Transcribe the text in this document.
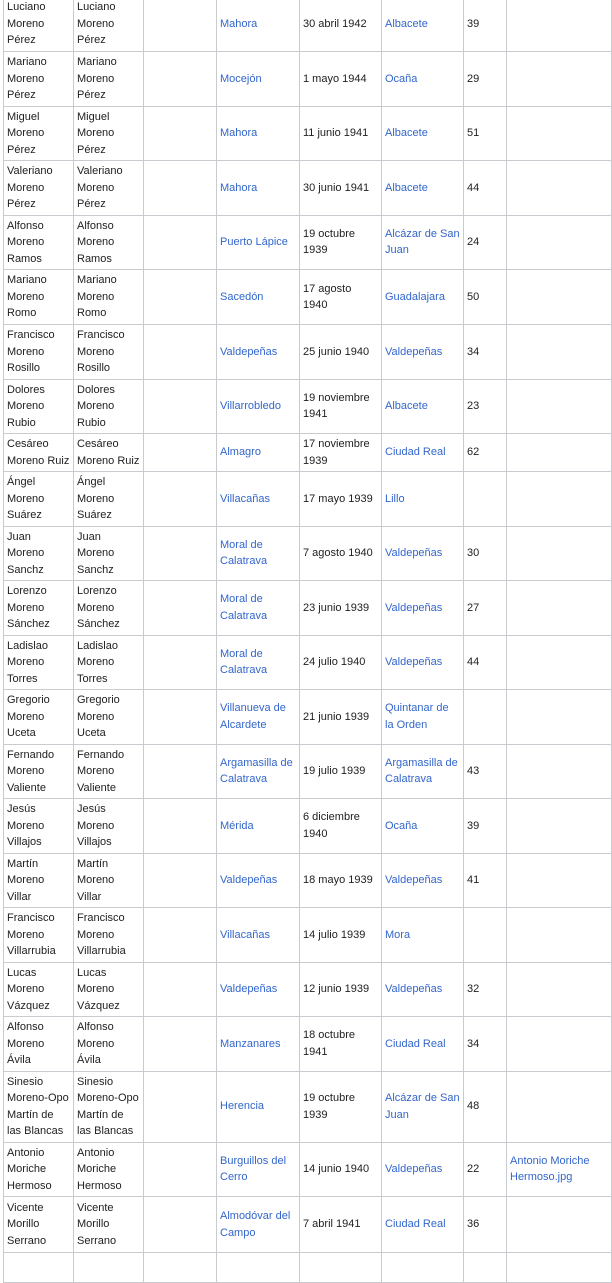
Luciano Moreno Pérez	Luciano Moreno Pérez		Mahora	30 abril 1942	Albacete	39	
Mariano Moreno Pérez	Mariano Moreno Pérez		Mocejón	1 mayo 1944	Ocaña	29	
Miguel Moreno Pérez	Miguel Moreno Pérez		Mahora	11 junio 1941	Albacete	51	
Valeriano Moreno Pérez	Valeriano Moreno Pérez		Mahora	30 junio 1941	Albacete	44	
Alfonso Moreno Ramos	Alfonso Moreno Ramos		Puerto Lápice	19 octubre 1939	Alcázar de San Juan	24	
Mariano Moreno Romo	Mariano Moreno Romo		Sacedón	17 agosto 1940	Guadalajara	50	
Francisco Moreno Rosillo	Francisco Moreno Rosillo		Valdepeñas	25 junio 1940	Valdepeñas	34	
Dolores Moreno Rubio	Dolores Moreno Rubio		Villarrobledo	19 noviembre 1941	Albacete	23	
Cesáreo Moreno Ruiz	Cesáreo Moreno Ruiz		Almagro	17 noviembre 1939	Ciudad Real	62	
Ángel Moreno Suárez	Ángel Moreno Suárez		Villacañas	17 mayo 1939	Lillo		
Juan Moreno Sanchz	Juan Moreno Sanchz		Moral de Calatrava	7 agosto 1940	Valdepeñas	30	
Lorenzo Moreno Sánchez	Lorenzo Moreno Sánchez		Moral de Calatrava	23 junio 1939	Valdepeñas	27	
Ladislao Moreno Torres	Ladislao Moreno Torres		Moral de Calatrava	24 julio 1940	Valdepeñas	44	
Gregorio Moreno Uceta	Gregorio Moreno Uceta		Villanueva de Alcardete	21 junio 1939	Quintanar de la Orden		
Fernando Moreno Valiente	Fernando Moreno Valiente		Argamasilla de Calatrava	19 julio 1939	Argamasilla de Calatrava	43	
Jesús Moreno Villajos	Jesús Moreno Villajos		Mérida	6 diciembre 1940	Ocaña	39	
Martín Moreno Villar	Martín Moreno Villar		Valdepeñas	18 mayo 1939	Valdepeñas	41	
Francisco Moreno Villarrubia	Francisco Moreno Villarrubia		Villacañas	14 julio 1939	Mora		
Lucas Moreno Vázquez	Lucas Moreno Vázquez		Valdepeñas	12 junio 1939	Valdepeñas	32	
Alfonso Moreno Ávila	Alfonso Moreno Ávila		Manzanares	18 octubre 1941	Ciudad Real	34	
Sinesio Moreno-Opo Martín de las Blancas	Sinesio Moreno-Opo Martín de las Blancas		Herencia	19 octubre 1939	Alcázar de San Juan	48	
Antonio Moriche Hermoso	Antonio Moriche Hermoso		Burguillos del Cerro	14 junio 1940	Valdepeñas	22	Antonio Moriche Hermoso.jpg
Vicente Morillo Serrano	Vicente Morillo Serrano		Almodóvar del Campo	7 abril 1941	Ciudad Real	36	
